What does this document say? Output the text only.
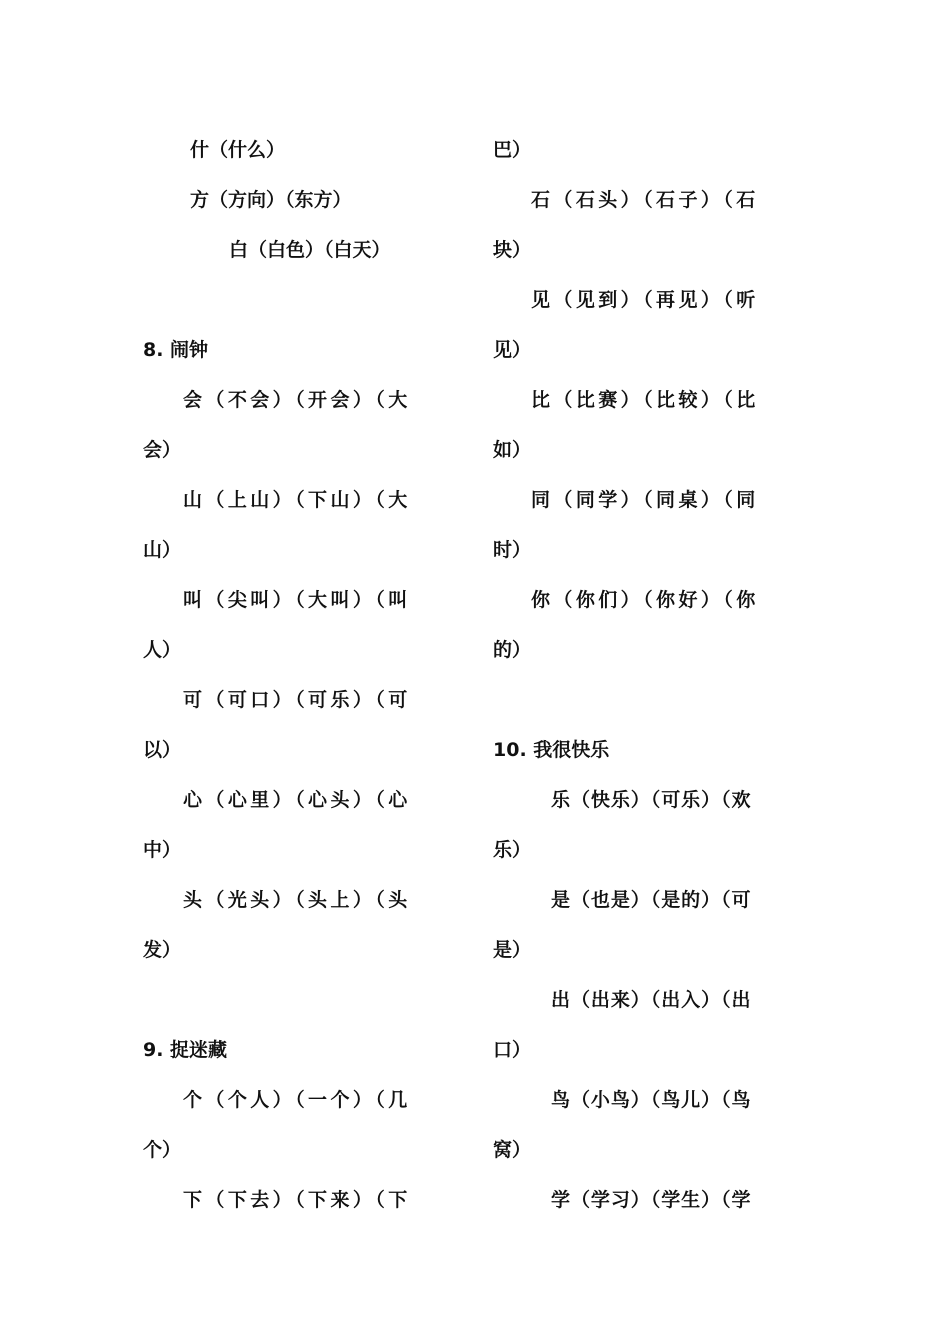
什（什么）
方（方向）（东方）
白（白色）（白天）
8. 闹钟
会（不会）（开会）（大
会）
山（上山）（下山）（大
山）
叫（尖叫）（大叫）（叫
人）
可（可口）（可乐）（可
以）
心（心里）（心头）（心
中）
头（光头）（头上）（头
发）
9. 捉迷藏
个（个人）（一个）（几
个）
下（下去）（下来）（下
巴）
石（石头）（石子）（石
块）
见（见到）（再见）（听
见）
比（比赛）（比较）（比
如）
同（同学）（同桌）（同
时）
你（你们）（你好）（你
的）
10. 我很快乐
乐（快乐）（可乐）（欢
乐）
是（也是）（是的）（可
是）
出（出来）（出入）（出
口）
鸟（小鸟）（鸟儿）（鸟
窝）
学（学习）（学生）（学
